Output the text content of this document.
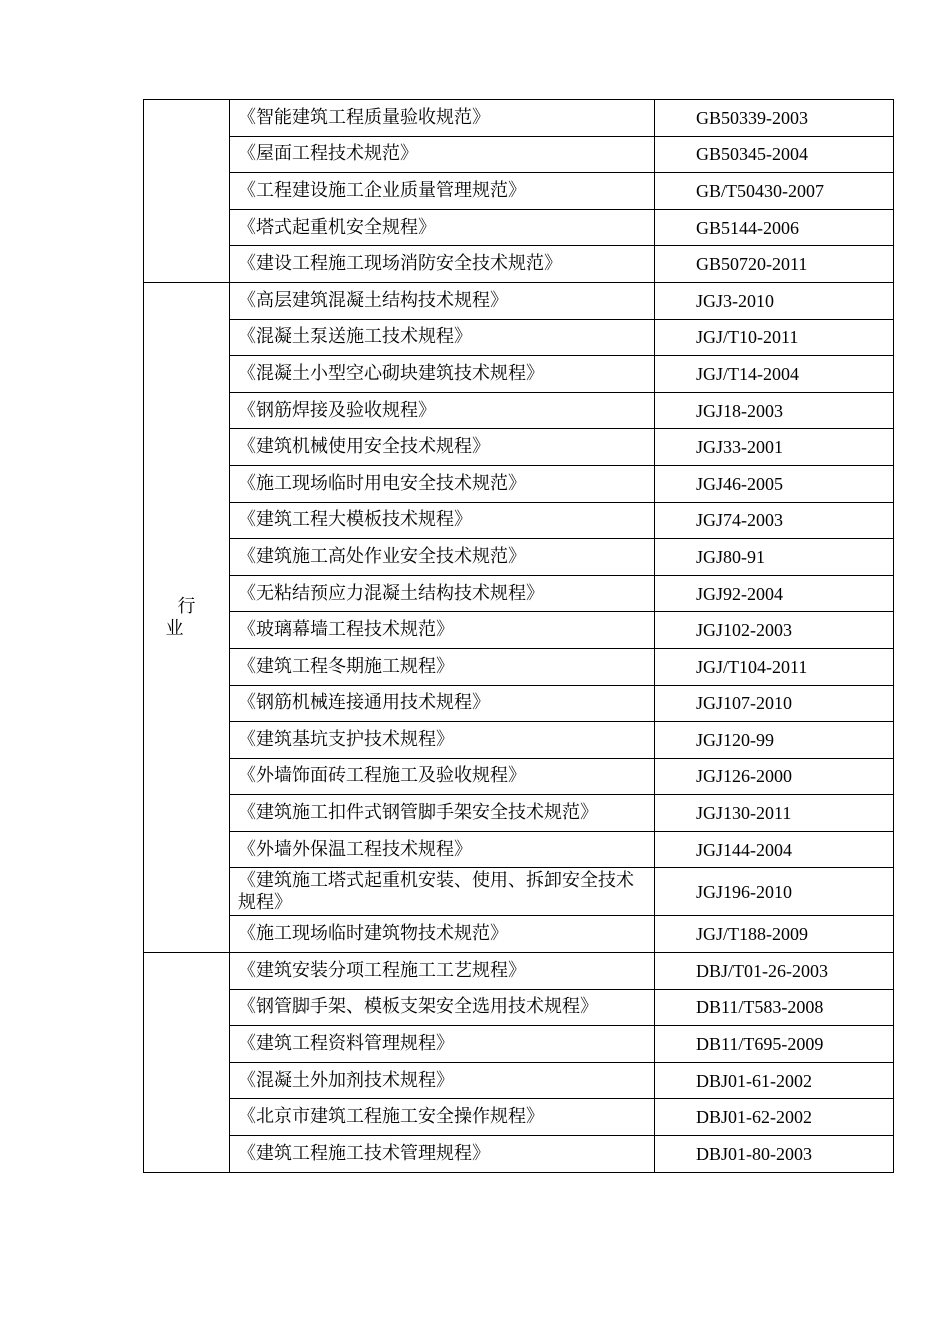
	《智能建筑工程质量验收规范》	GB50339-2003
	《屋面工程技术规范》	GB50345-2004
	《工程建设施工企业质量管理规范》	GB/T50430-2007
	《塔式起重机安全规程》	GB5144-2006
	《建设工程施工现场消防安全技术规范》	GB50720-2011
行业	《高层建筑混凝土结构技术规程》	JGJ3-2010
	《混凝土泵送施工技术规程》	JGJ/T10-2011
	《混凝土小型空心砌块建筑技术规程》	JGJ/T14-2004
	《钢筋焊接及验收规程》	JGJ18-2003
	《建筑机械使用安全技术规程》	JGJ33-2001
	《施工现场临时用电安全技术规范》	JGJ46-2005
	《建筑工程大模板技术规程》	JGJ74-2003
	《建筑施工高处作业安全技术规范》	JGJ80-91
	《无粘结预应力混凝土结构技术规程》	JGJ92-2004
	《玻璃幕墙工程技术规范》	JGJ102-2003
	《建筑工程冬期施工规程》	JGJ/T104-2011
	《钢筋机械连接通用技术规程》	JGJ107-2010
	《建筑基坑支护技术规程》	JGJ120-99
	《外墙饰面砖工程施工及验收规程》	JGJ126-2000
	《建筑施工扣件式钢管脚手架安全技术规范》	JGJ130-2011
	《外墙外保温工程技术规程》	JGJ144-2004
	《建筑施工塔式起重机安装、使用、拆卸安全技术规程》	JGJ196-2010
	《施工现场临时建筑物技术规范》	JGJ/T188-2009
	《建筑安装分项工程施工工艺规程》	DBJ/T01-26-2003
	《钢管脚手架、模板支架安全选用技术规程》	DB11/T583-2008
	《建筑工程资料管理规程》	DB11/T695-2009
	《混凝土外加剂技术规程》	DBJ01-61-2002
	《北京市建筑工程施工安全操作规程》	DBJ01-62-2002
	《建筑工程施工技术管理规程》	DBJ01-80-2003
